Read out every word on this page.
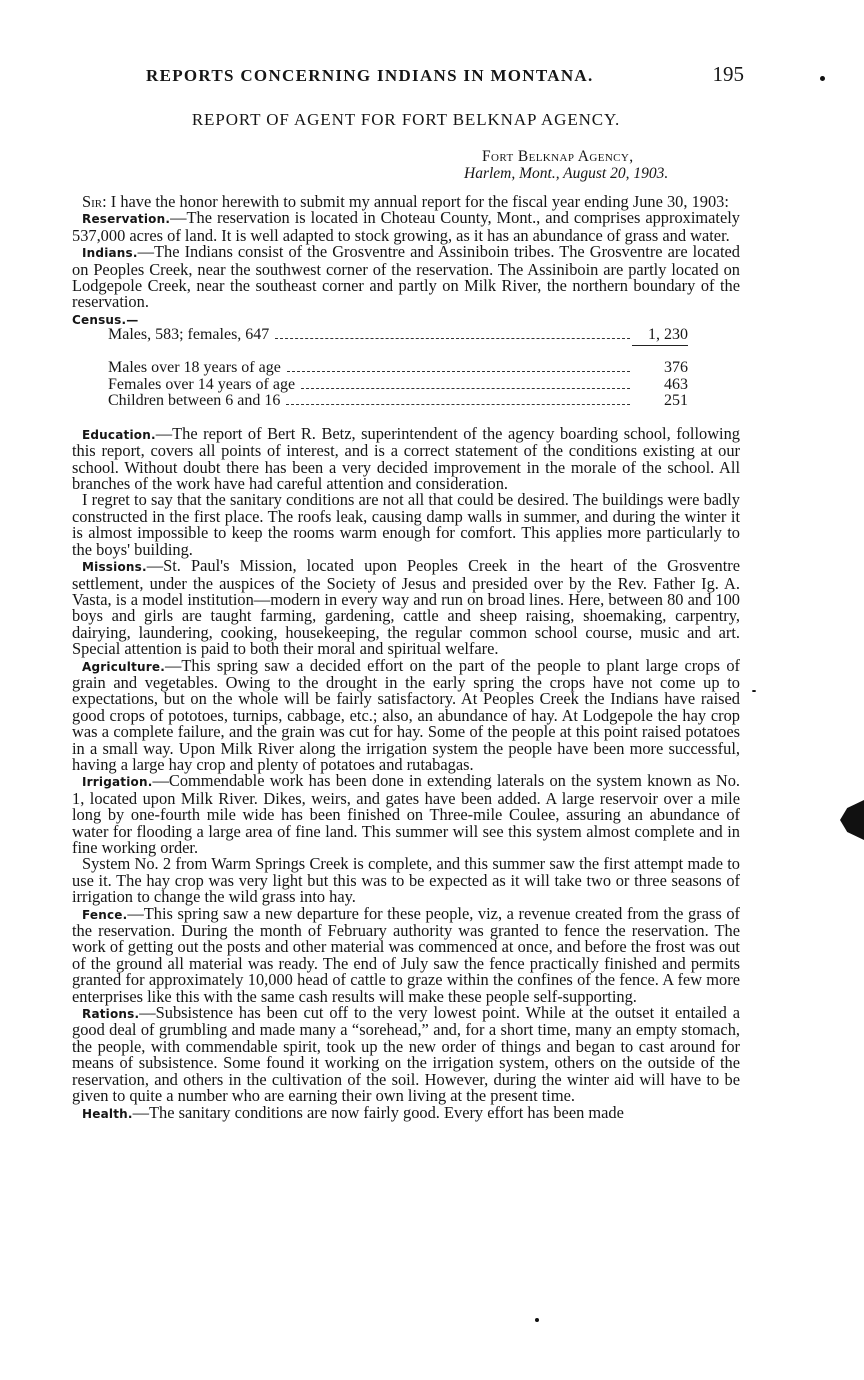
REPORTS CONCERNING INDIANS IN MONTANA.	195
REPORT OF AGENT FOR FORT BELKNAP AGENCY.
Fort Belknap Agency,
Harlem, Mont., August 20, 1903.

Sir: I have the honor herewith to submit my annual report for the fiscal year ending June 30, 1903:

Reservation.—The reservation is located in Choteau County, Mont., and comprises approximately 537,000 acres of land. It is well adapted to stock growing, as it has an abundance of grass and water.

Indians.—The Indians consist of the Grosventre and Assiniboin tribes. The Grosventre are located on Peoples Creek, near the southwest corner of the reservation. The Assiniboin are partly located on Lodgepole Creek, near the southeast corner and partly on Milk River, the northern boundary of the reservation.

Census.—
Males, 583; females, 647	1, 230
Males over 18 years of age	376
Females over 14 years of age	463
Children between 6 and 16	251

Education.—The report of Bert R. Betz, superintendent of the agency boarding school, following this report, covers all points of interest, and is a correct statement of the conditions existing at our school. Without doubt there has been a very decided improvement in the morale of the school. All branches of the work have had careful attention and consideration.

I regret to say that the sanitary conditions are not all that could be desired. The buildings were badly constructed in the first place. The roofs leak, causing damp walls in summer, and during the winter it is almost impossible to keep the rooms warm enough for comfort. This applies more particularly to the boys' building.

Missions.—St. Paul's Mission, located upon Peoples Creek in the heart of the Grosventre settlement, under the auspices of the Society of Jesus and presided over by the Rev. Father Ig. A. Vasta, is a model institution—modern in every way and run on broad lines. Here, between 80 and 100 boys and girls are taught farming, gardening, cattle and sheep raising, shoemaking, carpentry, dairying, laundering, cooking, housekeeping, the regular common school course, music and art. Special attention is paid to both their moral and spiritual welfare.

Agriculture.—This spring saw a decided effort on the part of the people to plant large crops of grain and vegetables. Owing to the drought in the early spring the crops have not come up to expectations, but on the whole will be fairly satisfactory. At Peoples Creek the Indians have raised good crops of pototoes, turnips, cabbage, etc.; also, an abundance of hay. At Lodgepole the hay crop was a complete failure, and the grain was cut for hay. Some of the people at this point raised potatoes in a small way. Upon Milk River along the irrigation system the people have been more successful, having a large hay crop and plenty of potatoes and rutabagas.

Irrigation.—Commendable work has been done in extending laterals on the system known as No. 1, located upon Milk River. Dikes, weirs, and gates have been added. A large reservoir over a mile long by one-fourth mile wide has been finished on Three-mile Coulee, assuring an abundance of water for flooding a large area of fine land. This summer will see this system almost complete and in fine working order.

System No. 2 from Warm Springs Creek is complete, and this summer saw the first attempt made to use it. The hay crop was very light but this was to be expected as it will take two or three seasons of irrigation to change the wild grass into hay.

Fence.—This spring saw a new departure for these people, viz, a revenue created from the grass of the reservation. During the month of February authority was granted to fence the reservation. The work of getting out the posts and other material was commenced at once, and before the frost was out of the ground all material was ready. The end of July saw the fence practically finished and permits granted for approximately 10,000 head of cattle to graze within the confines of the fence. A few more enterprises like this with the same cash results will make these people self-supporting.

Rations.—Subsistence has been cut off to the very lowest point. While at the outset it entailed a good deal of grumbling and made many a “sorehead,” and, for a short time, many an empty stomach, the people, with commendable spirit, took up the new order of things and began to cast around for means of subsistence. Some found it working on the irrigation system, others on the outside of the reservation, and others in the cultivation of the soil. However, during the winter aid will have to be given to quite a number who are earning their own living at the present time.

Health.—The sanitary conditions are now fairly good. Every effort has been made
